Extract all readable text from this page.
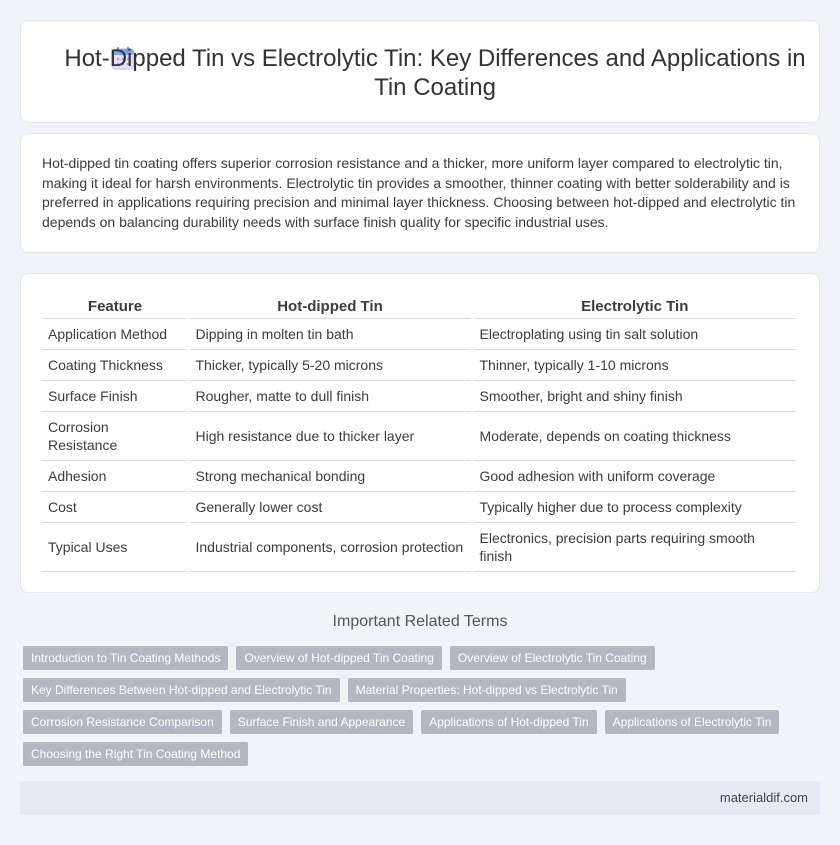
Hot-Dipped Tin vs Electrolytic Tin: Key Differences and Applications in Tin Coating

Hot-dipped tin coating offers superior corrosion resistance and a thicker, more uniform layer compared to electrolytic tin, making it ideal for harsh environments. Electrolytic tin provides a smoother, thinner coating with better solderability and is preferred in applications requiring precision and minimal layer thickness. Choosing between hot-dipped and electrolytic tin depends on balancing durability needs with surface finish quality for specific industrial uses.

Feature	Hot-dipped Tin	Electrolytic Tin
Application Method	Dipping in molten tin bath	Electroplating using tin salt solution
Coating Thickness	Thicker, typically 5-20 microns	Thinner, typically 1-10 microns
Surface Finish	Rougher, matte to dull finish	Smoother, bright and shiny finish
Corrosion Resistance	High resistance due to thicker layer	Moderate, depends on coating thickness
Adhesion	Strong mechanical bonding	Good adhesion with uniform coverage
Cost	Generally lower cost	Typically higher due to process complexity
Typical Uses	Industrial components, corrosion protection	Electronics, precision parts requiring smooth finish
Important Related Terms
Introduction to Tin Coating Methods	Overview of Hot-dipped Tin Coating	Overview of Electrolytic Tin Coating
Key Differences Between Hot-dipped and Electrolytic Tin	Material Properties: Hot-dipped vs Electrolytic Tin
Corrosion Resistance Comparison	Surface Finish and Appearance	Applications of Hot-dipped Tin	Applications of Electrolytic Tin
Choosing the Right Tin Coating Method
materialdif.com
